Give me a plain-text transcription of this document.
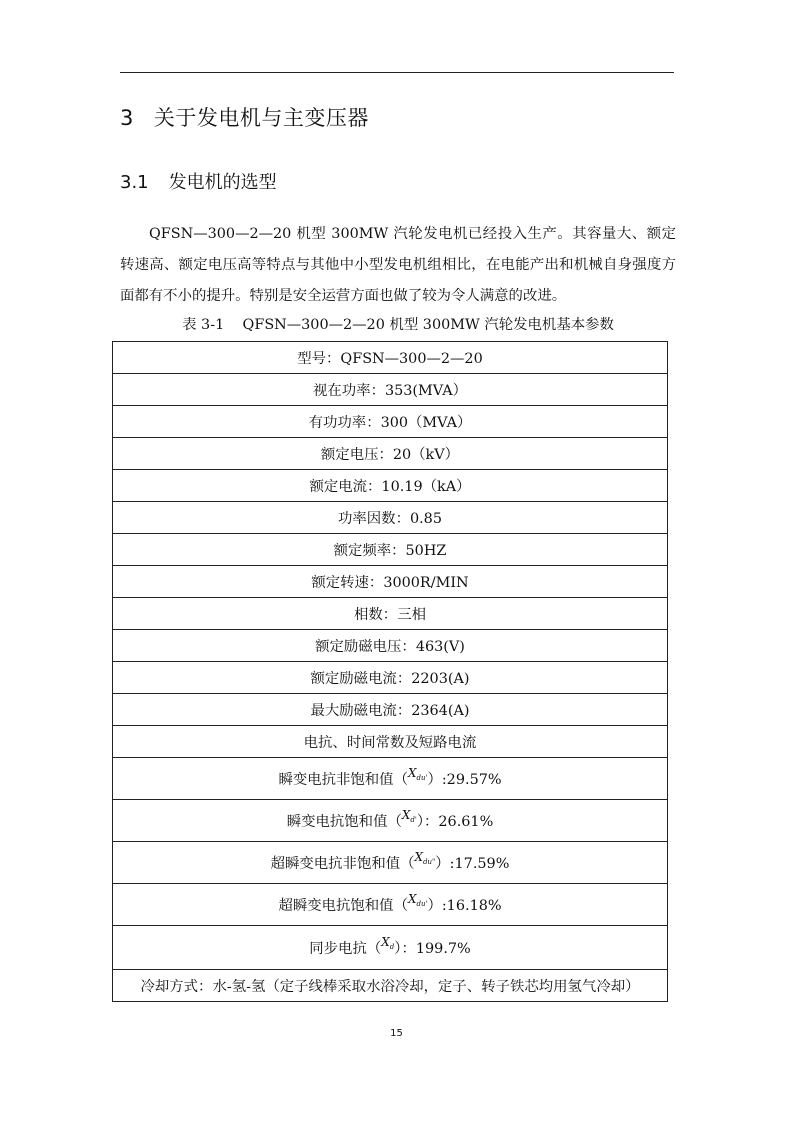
3 关于发电机与主变压器
3.1 发电机的选型
QFSN—300—2—20 机型 300MW 汽轮发电机已经投入生产。其容量大、额定转速高、额定电压高等特点与其他中小型发电机组相比，在电能产出和机械自身强度方面都有不小的提升。特别是安全运营方面也做了较为令人满意的改进。
表 3-1    QFSN—300—2—20 机型 300MW 汽轮发电机基本参数
型号：QFSN—300—2—20
视在功率：353(MVA）
有功功率：300（MVA）
额定电压：20（kV）
额定电流：10.19（kA）
功率因数：0.85
额定频率：50HZ
额定转速：3000R/MIN
相数：三相
额定励磁电压：463(V)
额定励磁电流：2203(A)
最大励磁电流：2364(A)
电抗、时间常数及短路电流
瞬变电抗非饱和值（$^{X_{du'}}$）:29.57%
瞬变电抗饱和值（$^{X_{d'}}$）：26.61%
超瞬变电抗非饱和值（$^{X_{du"}}$）:17.59%
超瞬变电抗饱和值（$^{X_{du'}}$）:16.18%
同步电抗（$^{X_d}$）：199.7%
冷却方式：水-氢-氢（定子线棒采取水浴冷却，定子、转子铁芯均用氢气冷却）
15
